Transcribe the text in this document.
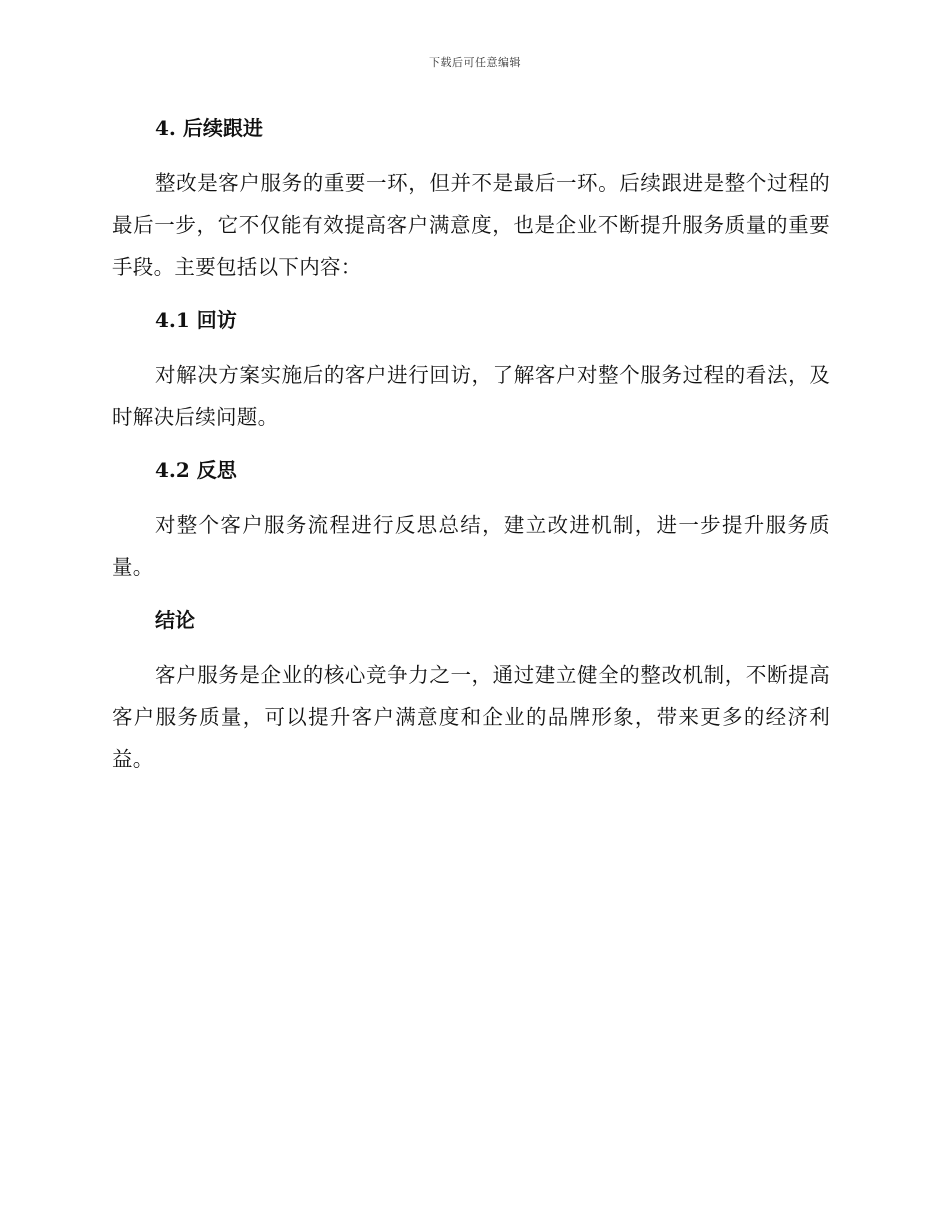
下载后可任意编辑
4. 后续跟进

整改是客户服务的重要一环，但并不是最后一环。后续跟进是整个过程的最后一步，它不仅能有效提高客户满意度，也是企业不断提升服务质量的重要手段。主要包括以下内容：

4.1 回访

对解决方案实施后的客户进行回访，了解客户对整个服务过程的看法，及时解决后续问题。

4.2 反思

对整个客户服务流程进行反思总结，建立改进机制，进一步提升服务质量。

结论

客户服务是企业的核心竞争力之一，通过建立健全的整改机制，不断提高客户服务质量，可以提升客户满意度和企业的品牌形象，带来更多的经济利益。
